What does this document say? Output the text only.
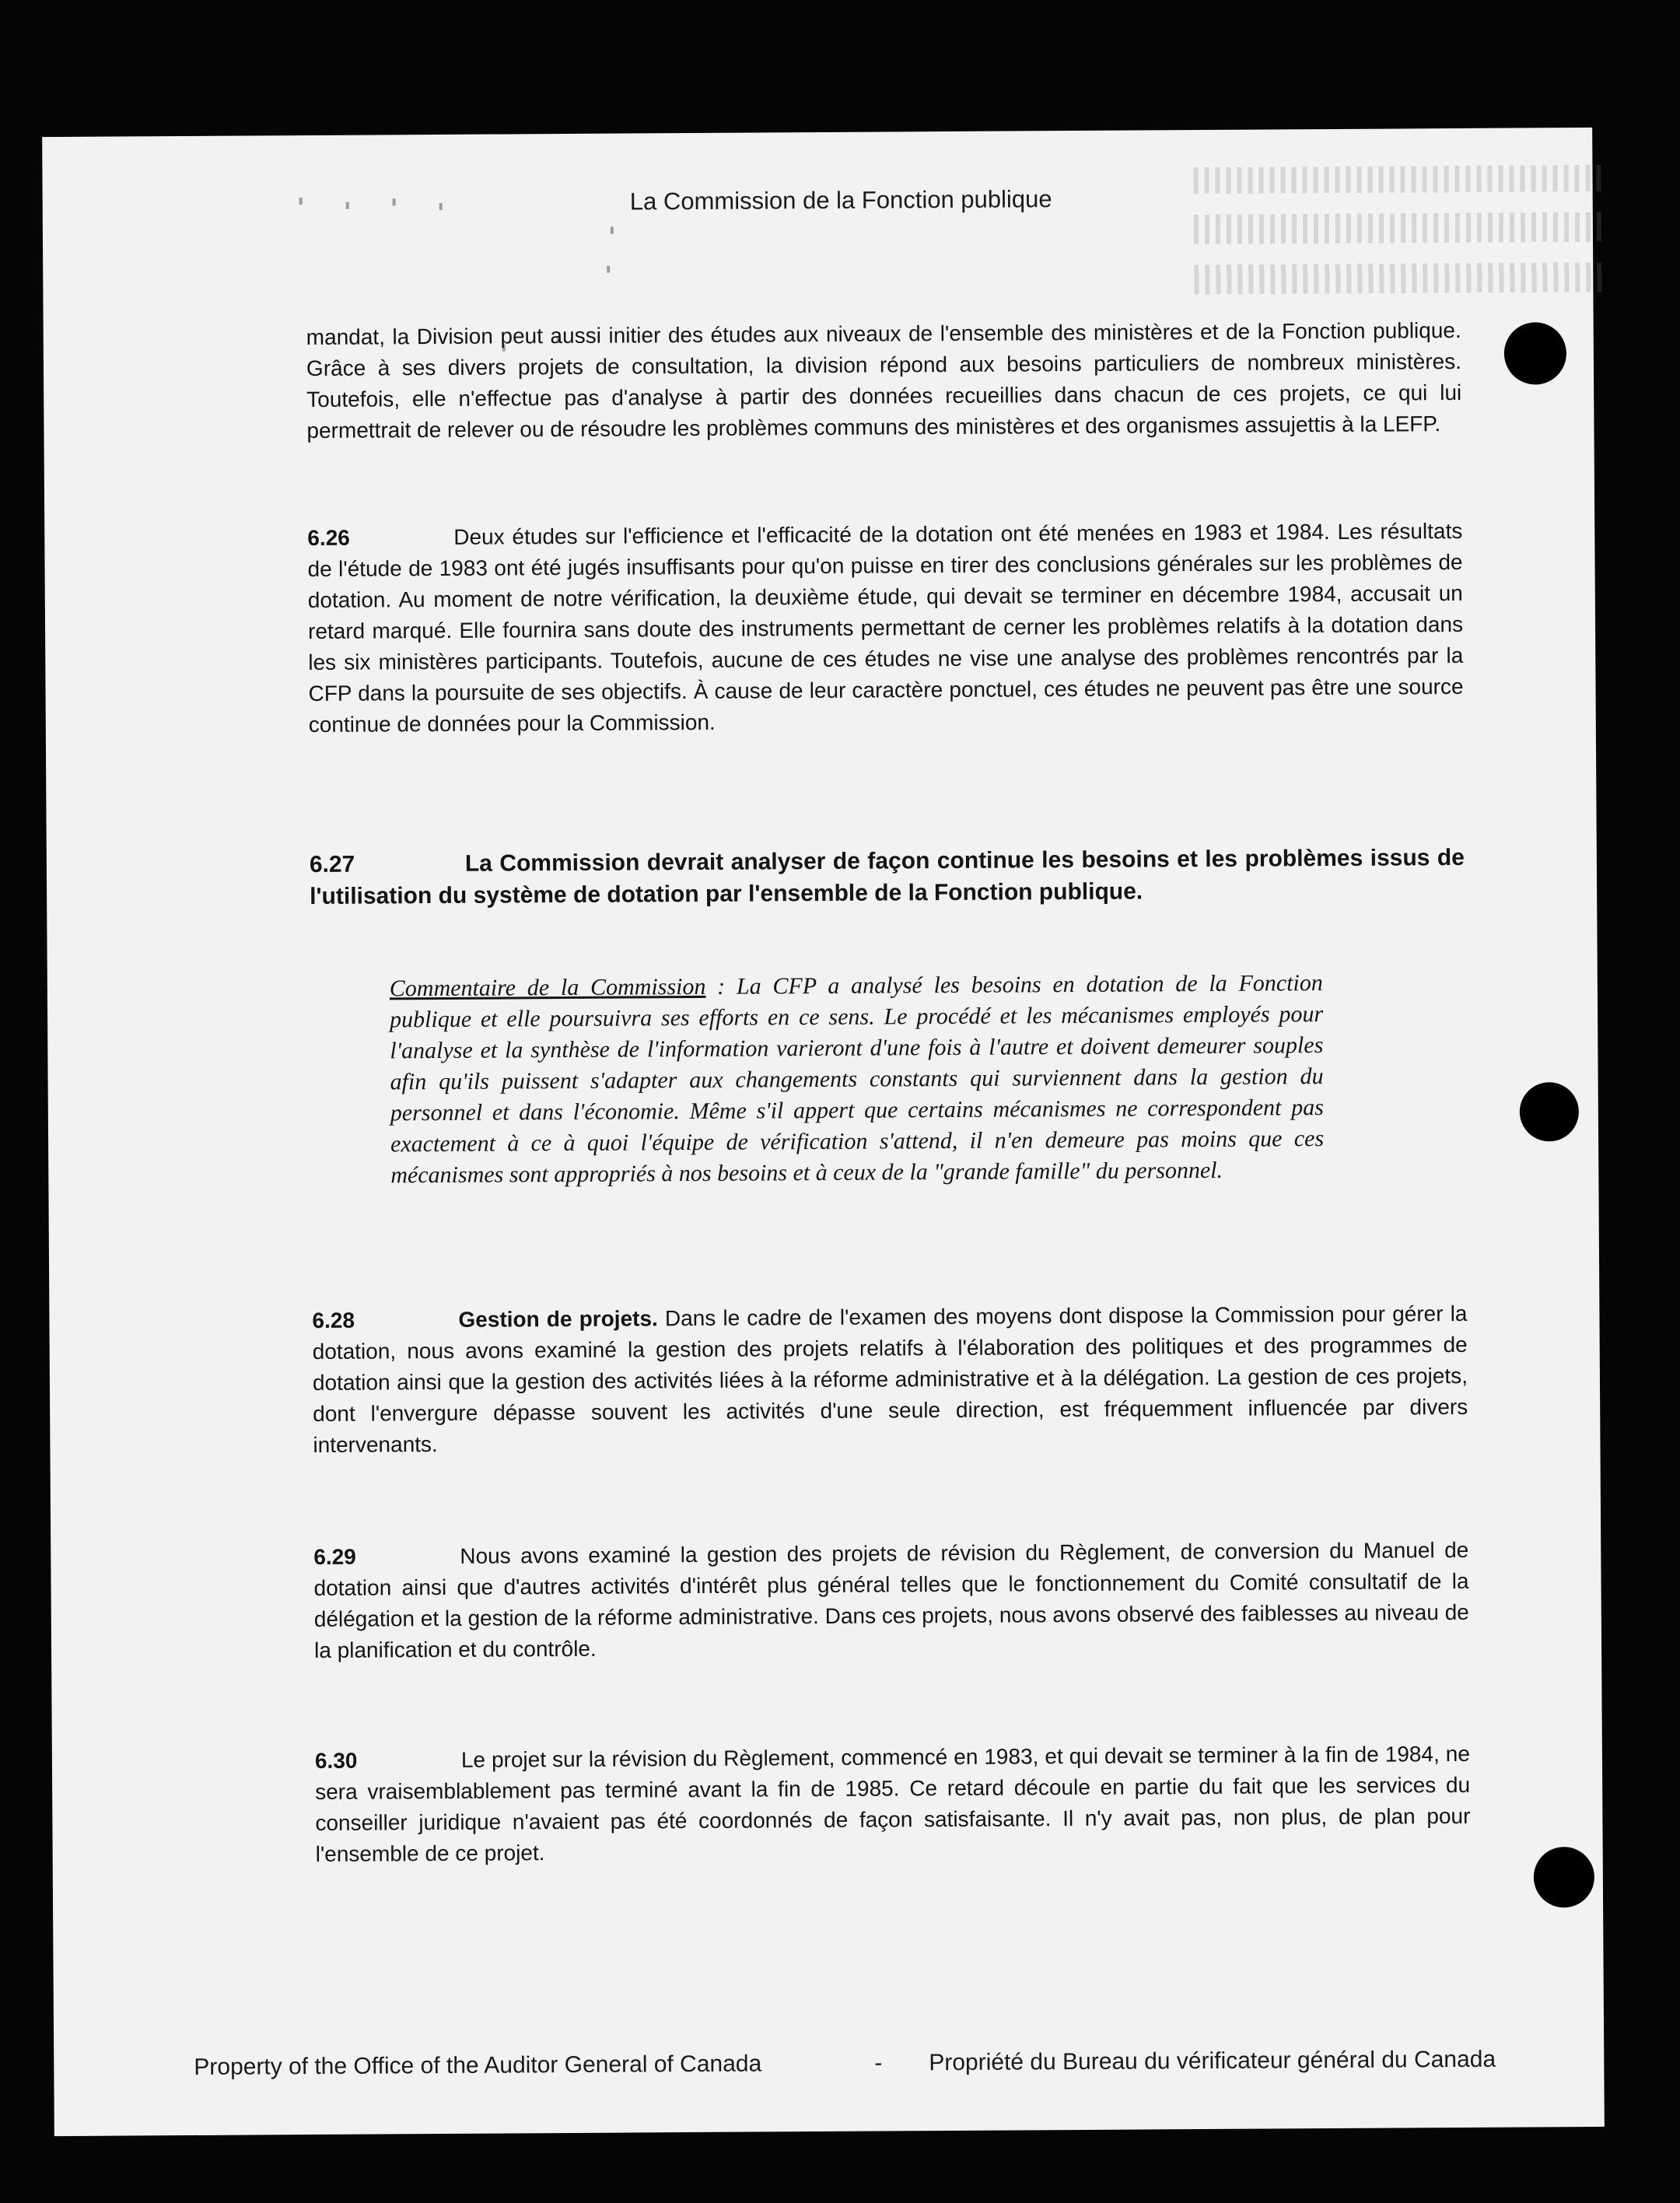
La Commission de la Fonction publique
mandat, la Division peut aussi initier des études aux niveaux de l'ensemble des ministères et de la Fonction publique. Grâce à ses divers projets de consultation, la division répond aux besoins particuliers de nombreux ministères. Toutefois, elle n'effectue pas d'analyse à partir des données recueillies dans chacun de ces projets, ce qui lui permettrait de relever ou de résoudre les problèmes communs des ministères et des organismes assujettis à la LEFP.
6.26	Deux études sur l'efficience et l'efficacité de la dotation ont été menées en 1983 et 1984. Les résultats de l'étude de 1983 ont été jugés insuffisants pour qu'on puisse en tirer des conclusions générales sur les problèmes de dotation. Au moment de notre vérification, la deuxième étude, qui devait se terminer en décembre 1984, accusait un retard marqué. Elle fournira sans doute des instruments permettant de cerner les problèmes relatifs à la dotation dans les six ministères participants. Toutefois, aucune de ces études ne vise une analyse des problèmes rencontrés par la CFP dans la poursuite de ses objectifs. À cause de leur caractère ponctuel, ces études ne peuvent pas être une source continue de données pour la Commission.
6.27	La Commission devrait analyser de façon continue les besoins et les problèmes issus de l'utilisation du système de dotation par l'ensemble de la Fonction publique.
Commentaire de la Commission : La CFP a analysé les besoins en dotation de la Fonction publique et elle poursuivra ses efforts en ce sens. Le procédé et les mécanismes employés pour l'analyse et la synthèse de l'information varieront d'une fois à l'autre et doivent demeurer souples afin qu'ils puissent s'adapter aux changements constants qui surviennent dans la gestion du personnel et dans l'économie. Même s'il appert que certains mécanismes ne correspondent pas exactement à ce à quoi l'équipe de vérification s'attend, il n'en demeure pas moins que ces mécanismes sont appropriés à nos besoins et à ceux de la "grande famille" du personnel.
6.28	Gestion de projets. Dans le cadre de l'examen des moyens dont dispose la Commission pour gérer la dotation, nous avons examiné la gestion des projets relatifs à l'élaboration des politiques et des programmes de dotation ainsi que la gestion des activités liées à la réforme administrative et à la délégation. La gestion de ces projets, dont l'envergure dépasse souvent les activités d'une seule direction, est fréquemment influencée par divers intervenants.
6.29	Nous avons examiné la gestion des projets de révision du Règlement, de conversion du Manuel de dotation ainsi que d'autres activités d'intérêt plus général telles que le fonctionnement du Comité consultatif de la délégation et la gestion de la réforme administrative. Dans ces projets, nous avons observé des faiblesses au niveau de la planification et du contrôle.
6.30	Le projet sur la révision du Règlement, commencé en 1983, et qui devait se terminer à la fin de 1984, ne sera vraisemblablement pas terminé avant la fin de 1985. Ce retard découle en partie du fait que les services du conseiller juridique n'avaient pas été coordonnés de façon satisfaisante. Il n'y avait pas, non plus, de plan pour l'ensemble de ce projet.
Property of the Office of the Auditor General of Canada	- Propriété du Bureau du vérificateur général du Canada
